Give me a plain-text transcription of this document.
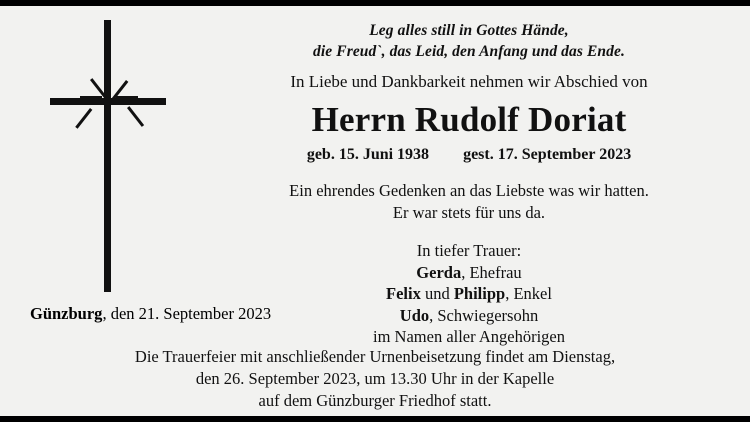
Leg alles still in Gottes Hände,
die Freud`, das Leid, den Anfang und das Ende.
In Liebe und Dankbarkeit nehmen wir Abschied von
Herrn Rudolf Doriat
geb. 15. Juni 1938 gest. 17. September 2023
Ein ehrendes Gedenken an das Liebste was wir hatten.
Er war stets für uns da.
In tiefer Trauer:
Gerda, Ehefrau
Felix und Philipp, Enkel
Udo, Schwiegersohn
im Namen aller Angehörigen
Günzburg, den 21. September 2023
Die Trauerfeier mit anschließender Urnenbeisetzung findet am Dienstag,
den 26. September 2023, um 13.30 Uhr in der Kapelle
auf dem Günzburger Friedhof statt.
